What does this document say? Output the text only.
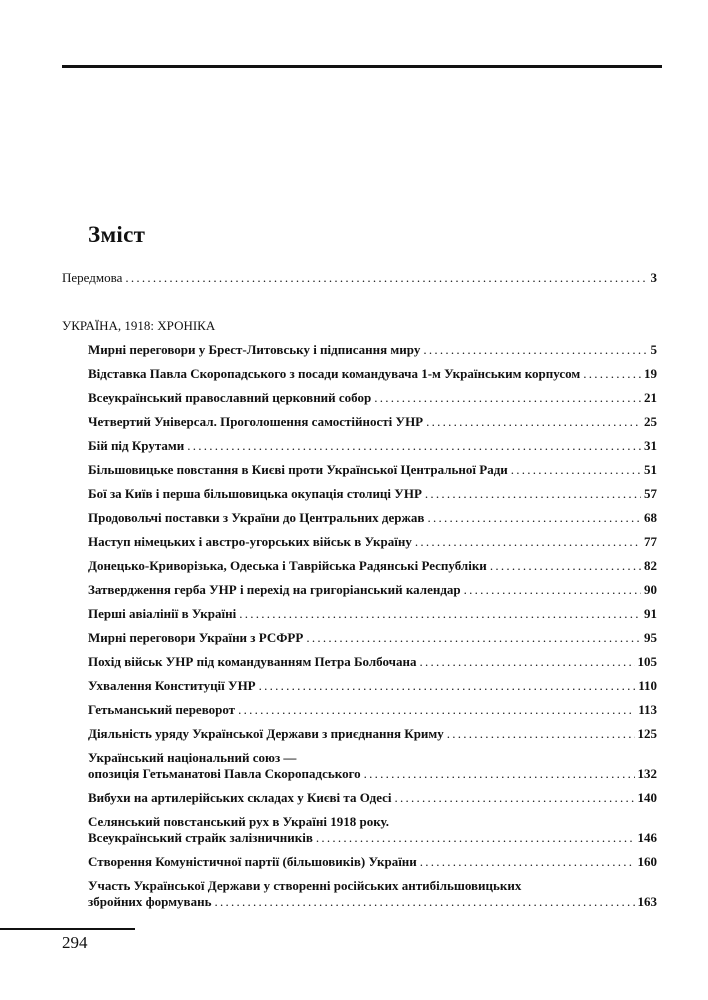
Зміст
Передмова . . .	3
УКРАЇНА, 1918: ХРОНІКА
Мирні переговори у Брест-Литовську і підписання миру . . .	5
Відставка Павла Скоропадського з посади командувача 1-м Українським корпусом . . .	19
Всеукраїнський православний церковний собор . . .	21
Четвертий Універсал. Проголошення самостійності УНР . . .	25
Бій під Крутами . . .	31
Більшовицьке повстання в Києві проти Української Центральної Ради . . .	51
Бої за Київ і перша більшовицька окупація столиці УНР . . .	57
Продовольчі поставки з України до Центральних держав . . .	68
Наступ німецьких і австро-угорських військ в Україну . . .	77
Донецько-Криворізька, Одеська і Таврійська Радянські Республіки . . .	82
Затвердження герба УНР і перехід на григоріанський календар . . .	90
Перші авіалінії в Україні . . .	91
Мирні переговори України з РСФРР . . .	95
Похід військ УНР під командуванням Петра Болбочана . . .	105
Ухвалення Конституції УНР . . .	110
Гетьманський переворот . . .	113
Діяльність уряду Української Держави з приєднання Криму . . .	125
Український національний союз —
опозиція Гетьманатові Павла Скоропадського . . .	132
Вибухи на артилерійських складах у Києві та Одесі . . .	140
Селянський повстанський рух в Україні 1918 року.
Всеукраїнський страйк залізничників . . .	146
Створення Комуністичної партії (більшовиків) України . . .	160
Участь Української Держави у створенні російських антибільшовицьких
збройних формувань . . .	163
294
